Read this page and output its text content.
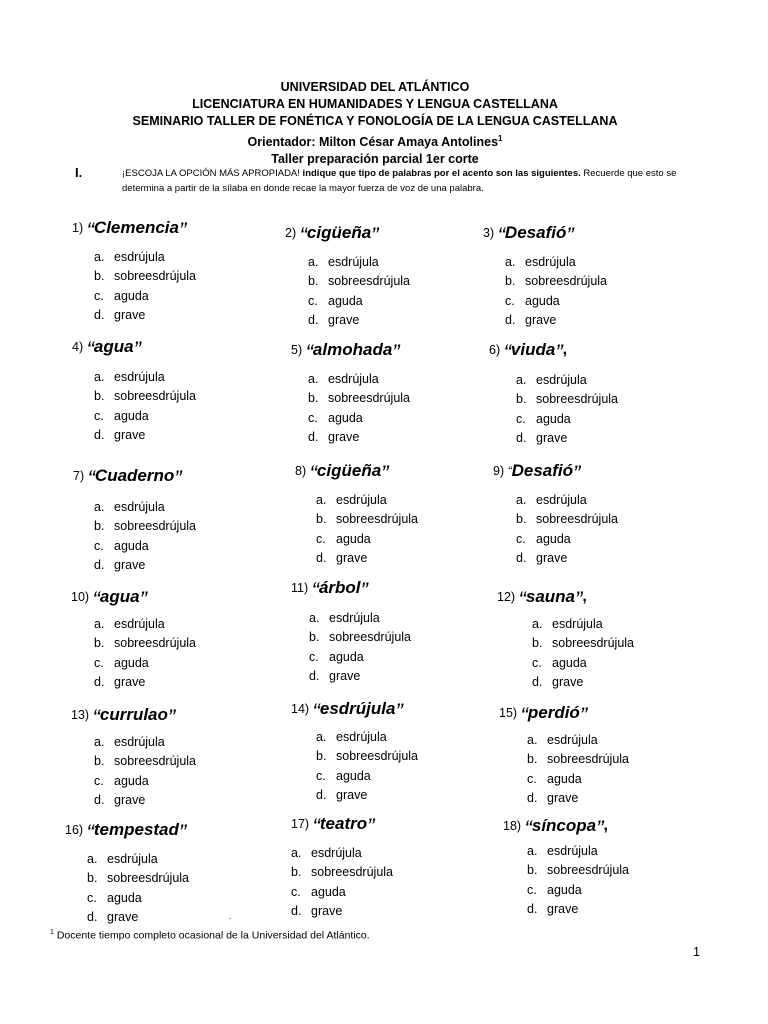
UNIVERSIDAD DEL ATLÁNTICO
LICENCIATURA EN HUMANIDADES Y LENGUA CASTELLANA
SEMINARIO TALLER DE FONÉTICA Y FONOLOGÍA DE LA LENGUA CASTELLANA
Orientador: Milton César Amaya Antolines$^1$
Taller preparación parcial 1er corte
I.	¡ESCOJA LA OPCIÓN MÁS APROPIADA! indique que tipo de palabras por el acento son las siguientes. Recuerde que esto se determina a partir de la sílaba en donde recae la mayor fuerza de voz de una palabra.
1) “Clemencia”
a. esdrújula
b. sobreesdrújula
c. aguda
d. grave
2) “cigüeña”
a. esdrújula
b. sobreesdrújula
c. aguda
d. grave
3) “Desafió”
a. esdrújula
b. sobreesdrújula
c. aguda
d. grave
4) “agua”
a. esdrújula
b. sobreesdrújula
c. aguda
d. grave
5) “almohada”
a. esdrújula
b. sobreesdrújula
c. aguda
d. grave
6) “viuda”,
a. esdrújula
b. sobreesdrújula
c. aguda
d. grave
7) “Cuaderno”
a. esdrújula
b. sobreesdrújula
c. aguda
d. grave
8) “cigüeña”
a. esdrújula
b. sobreesdrújula
c. aguda
d. grave
9) “Desafió”
a. esdrújula
b. sobreesdrújula
c. aguda
d. grave
10) “agua”
a. esdrújula
b. sobreesdrújula
c. aguda
d. grave
11) “árbol”
a. esdrújula
b. sobreesdrújula
c. aguda
d. grave
12) “sauna”,
a. esdrújula
b. sobreesdrújula
c. aguda
d. grave
13) “currulao”
a. esdrújula
b. sobreesdrújula
c. aguda
d. grave
14) “esdrújula”
a. esdrújula
b. sobreesdrújula
c. aguda
d. grave
15) “perdió”
a. esdrújula
b. sobreesdrújula
c. aguda
d. grave
16) “tempestad”
a. esdrújula
b. sobreesdrújula
c. aguda
d. grave
17) “teatro”
a. esdrújula
b. sobreesdrújula
c. aguda
d. grave
18) “síncopa”,
a. esdrújula
b. sobreesdrújula
c. aguda
d. grave
.
$^1$ Docente tiempo completo ocasional de la Universidad del Atlántico.
1
